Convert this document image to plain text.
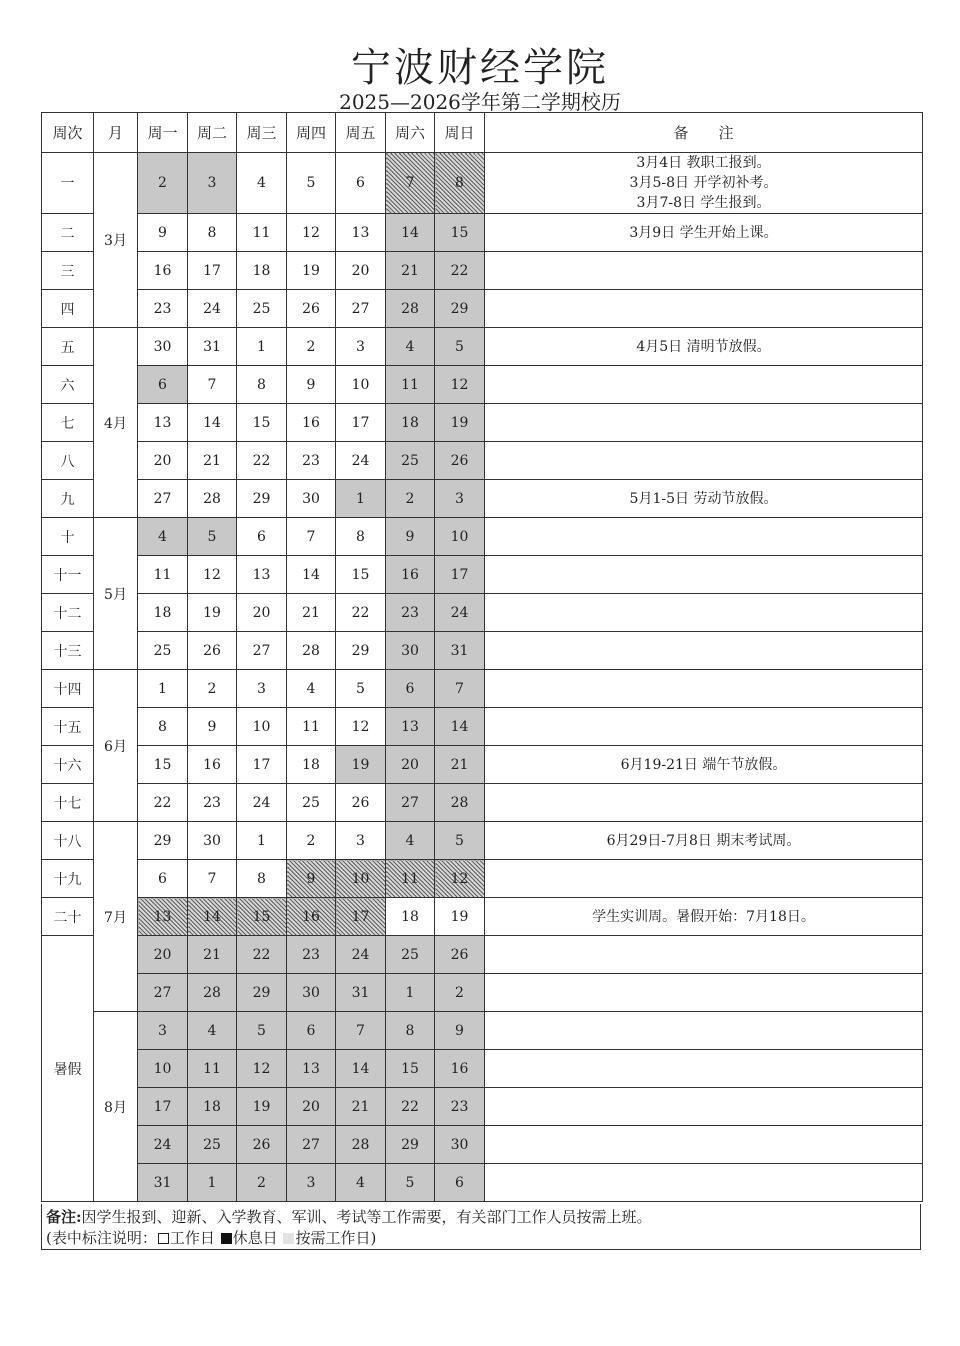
宁波财经学院
2025—2026学年第二学期校历
周次	月	周一	周二	周三	周四	周五	周六	周日	备　　注
一	3月	2	3	4	5	6	7	8	3月4日 教职工报到。
3月5-8日 开学初补考。
3月7-8日 学生报到。

二		9	8	11	12	13	14	15	3月9日 学生开始上课。

三		16	17	18	19	20	21	22	
四		23	24	25	26	27	28	29	
五	4月	30	31	1	2	3	4	5	4月5日 清明节放假。

六		6	7	8	9	10	11	12	
七		13	14	15	16	17	18	19	
八		20	21	22	23	24	25	26	
九		27	28	29	30	1	2	3	5月1-5日 劳动节放假。

十	5月	4	5	6	7	8	9	10	
十一		11	12	13	14	15	16	17	
十二		18	19	20	21	22	23	24	
十三		25	26	27	28	29	30	31	
十四	6月	1	2	3	4	5	6	7	
十五		8	9	10	11	12	13	14	
十六		15	16	17	18	19	20	21	6月19-21日 端午节放假。

十七		22	23	24	25	26	27	28	
十八	7月	29	30	1	2	3	4	5	6月29日-7月8日 期末考试周。

十九		6	7	8	9	10	11	12	
二十		13	14	15	16	17	18	19	学生实训周。暑假开始：7月18日。

暑假		20	21	22	23	24	25	26	
		27	28	29	30	31	1	2	
	8月	3	4	5	6	7	8	9	
		10	11	12	13	14	15	16	
		17	18	19	20	21	22	23	
		24	25	26	27	28	29	30	
		31	1	2	3	4	5	6	
备注:因学生报到、迎新、入学教育、军训、考试等工作需要，有关部门工作人员按需上班。
(表中标注说明： 工作日 休息日 按需工作日)
